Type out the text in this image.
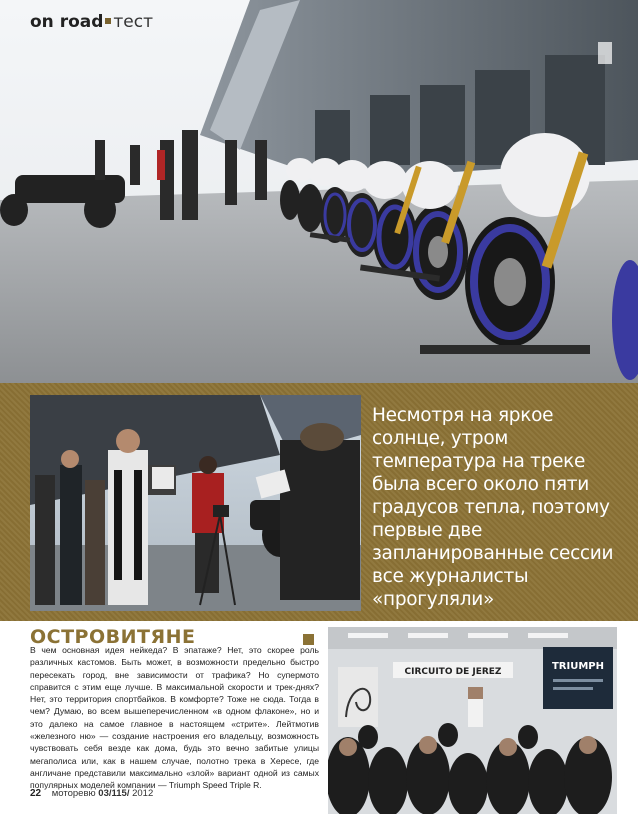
on road тест
Несмотря на яркое солнце, утром температура на треке была всего около пяти градусов тепла, поэтому первые две запланированные сессии все журналисты «прогуляли»
ОСТРОВИТЯНЕ
В чем основная идея нейкеда? В эпатаже? Нет, это скорее роль различных кастомов. Быть может, в возможности предельно быстро пересекать город, вне зависимости от трафика? Но супермото справится с этим еще лучше. В максимальной скорости и трек-днях? Нет, это территория спортбайков. В комфорте? Тоже не сюда. Тогда в чем? Думаю, во всем вышеперечисленном «в одном флаконе», но и это далеко на самое главное в настоящем «стрите». Лейтмотив «железного ню» — создание настроения его владельцу, возможность чувствовать себя везде как дома, будь это вечно забитые улицы мегаполиса или, как в нашем случае, полотно трека в Хересе, где англичане представили максимально «злой» вариант одной из самых популярных моделей компании — Triumph Speed Triple R.
CIRCUITO DE JEREZ	TRIUMPH
22 моторевю 03/115/ 2012
